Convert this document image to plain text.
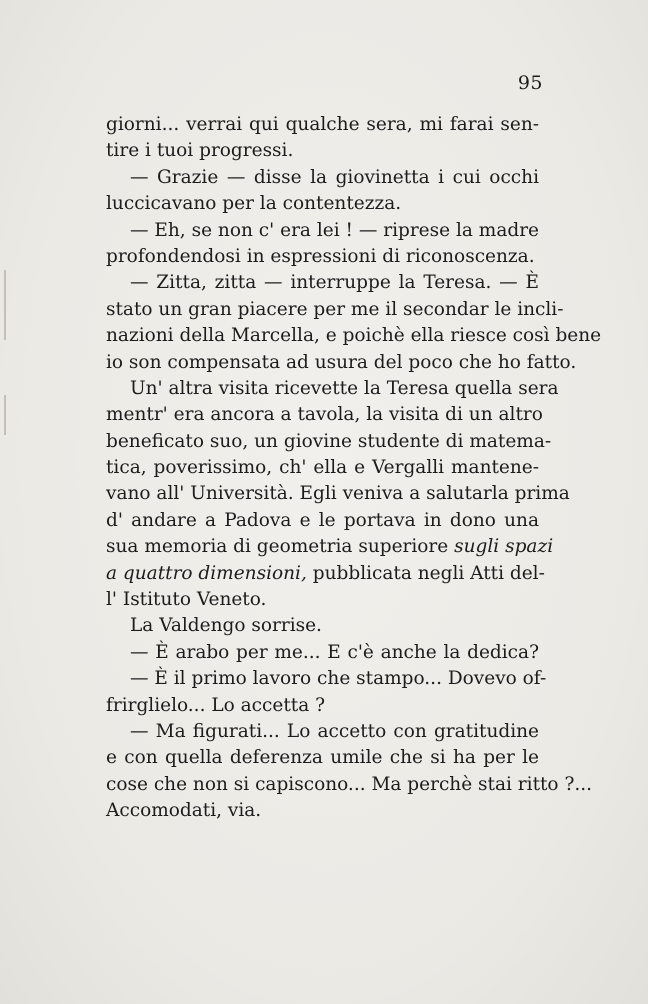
95
giorni... verrai qui qualche sera, mi farai sen-
tire i tuoi progressi.
— Grazie — disse la giovinetta i cui occhi
luccicavano per la contentezza.
— Eh, se non c' era lei ! — riprese la madre
profondendosi in espressioni di riconoscenza.
— Zitta, zitta — interruppe la Teresa. — È
stato un gran piacere per me il secondar le incli-
nazioni della Marcella, e poichè ella riesce così bene
io son compensata ad usura del poco che ho fatto.
Un' altra visita ricevette la Teresa quella sera
mentr' era ancora a tavola, la visita di un altro
beneficato suo, un giovine studente di matema-
tica, poverissimo, ch' ella e Vergalli mantene-
vano all' Università. Egli veniva a salutarla prima
d' andare a Padova e le portava in dono una
sua memoria di geometria superiore sugli spazi
a quattro dimensioni, pubblicata negli Atti del-
l' Istituto Veneto.
La Valdengo sorrise.
— È arabo per me... E c'è anche la dedica?
— È il primo lavoro che stampo... Dovevo of-
frirglielo... Lo accetta ?
— Ma figurati... Lo accetto con gratitudine
e con quella deferenza umile che si ha per le
cose che non si capiscono... Ma perchè stai ritto ?...
Accomodati, via.
